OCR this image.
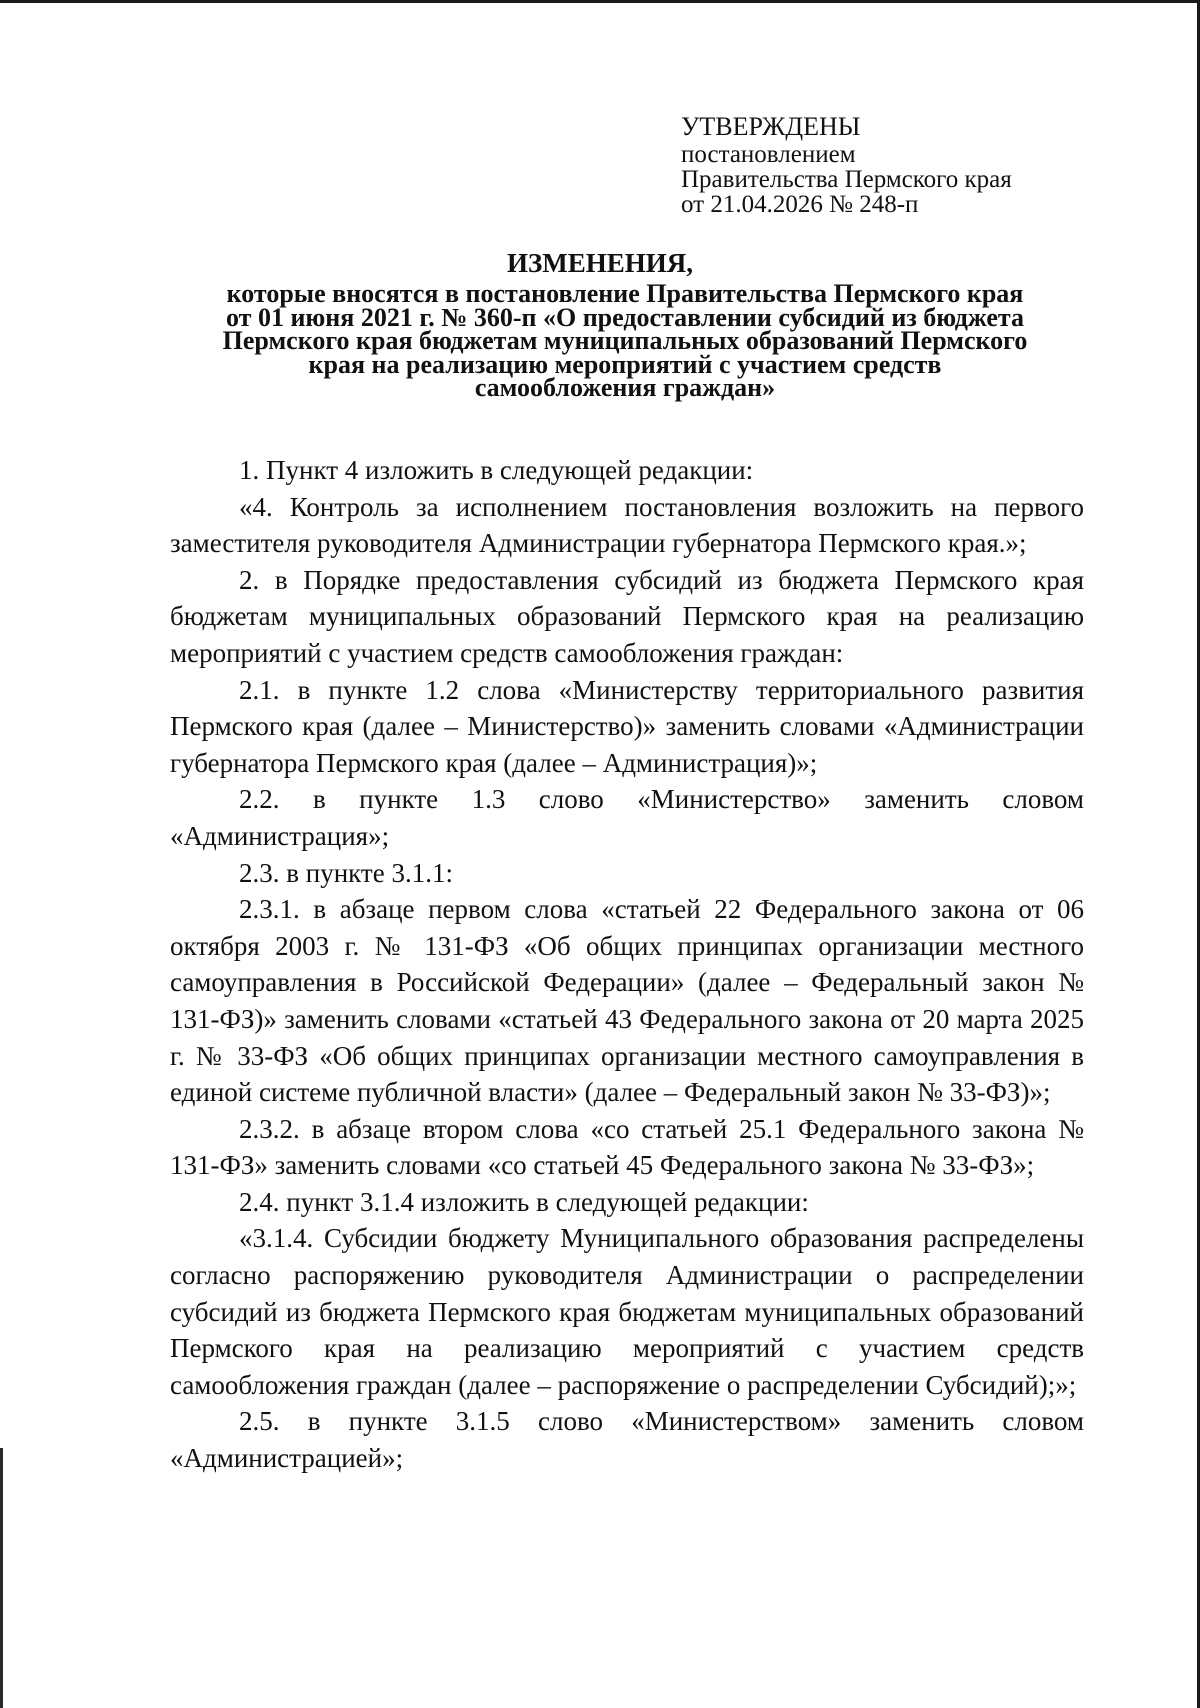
УТВЕРЖДЕНЫ
постановлением
Правительства Пермского края
от 21.04.2026 № 248-п
ИЗМЕНЕНИЯ,
которые вносятся в постановление Правительства Пермского края
от 01 июня 2021 г. № 360-п «О предоставлении субсидий из бюджета
Пермского края бюджетам муниципальных образований Пермского
края на реализацию мероприятий с участием средств
самообложения граждан»

1. Пункт 4 изложить в следующей редакции:

«4. Контроль за исполнением постановления возложить на первого заместителя руководителя Администрации губернатора Пермского края.»;

2. в Порядке предоставления субсидий из бюджета Пермского края бюджетам муниципальных образований Пермского края на реализацию мероприятий с участием средств самообложения граждан:

2.1. в пункте 1.2 слова «Министерству территориального развития Пермского края (далее – Министерство)» заменить словами «Администрации губернатора Пермского края (далее – Администрация)»;

2.2. в пункте 1.3 слово «Министерство» заменить словом «Администрация»;

2.3. в пункте 3.1.1:

2.3.1. в абзаце первом слова «статьей 22 Федерального закона от 06 октября 2003 г. № 131-ФЗ «Об общих принципах организации местного самоуправления в Российской Федерации» (далее – Федеральный закон № 131-ФЗ)» заменить словами «статьей 43 Федерального закона от 20 марта 2025 г. № 33-ФЗ «Об общих принципах организации местного самоуправления в единой системе публичной власти» (далее – Федеральный закон № 33-ФЗ)»;

2.3.2. в абзаце втором слова «со статьей 25.1 Федерального закона № 131-ФЗ» заменить словами «со статьей 45 Федерального закона № 33-ФЗ»;

2.4. пункт 3.1.4 изложить в следующей редакции:

«3.1.4. Субсидии бюджету Муниципального образования распределены согласно распоряжению руководителя Администрации о распределении субсидий из бюджета Пермского края бюджетам муниципальных образований Пермского края на реализацию мероприятий с участием средств самообложения граждан (далее – распоряжение о распределении Субсидий);»;

2.5. в пункте 3.1.5 слово «Министерством» заменить словом «Администрацией»;
